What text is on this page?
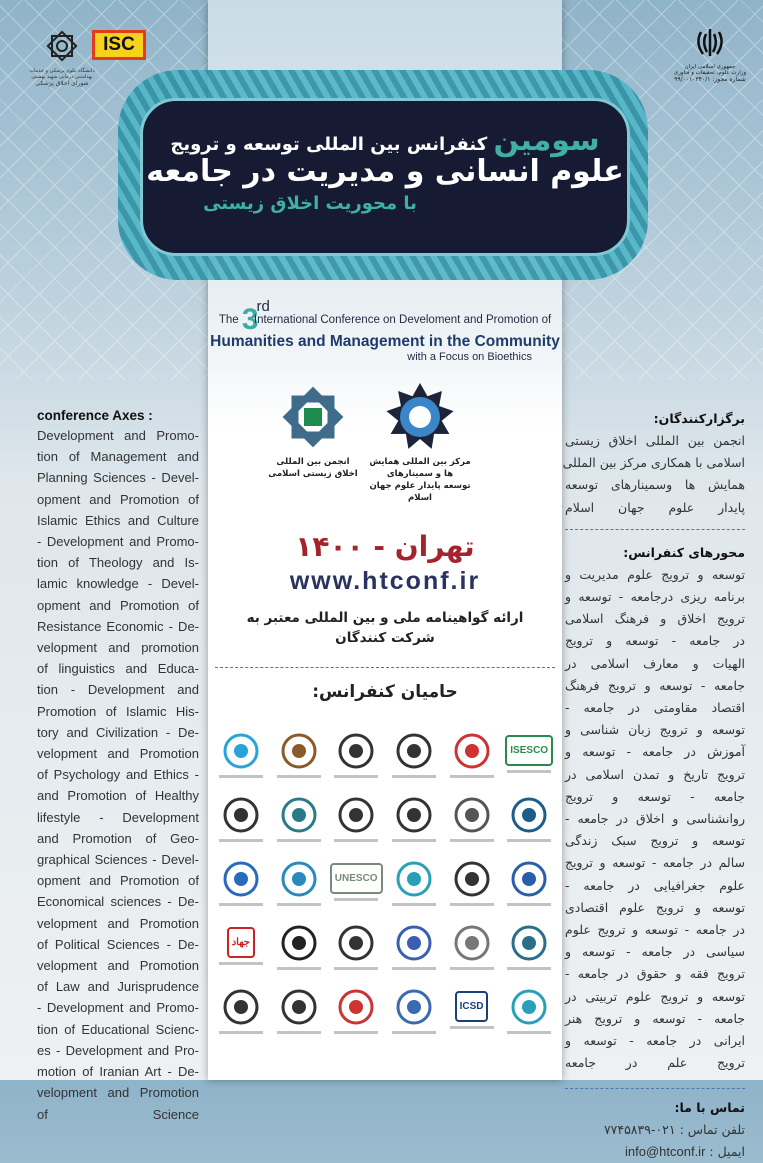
دانشگاه علوم پزشکی و خدمات بهداشتی درمانی شهید بهشتی
شورای اخلاق پزشکی
ISC
جمهوری اسلامی ایران
وزارت علوم، تحقیقات و فناوری
شماره مجوز: ۹۹/۰۰۱۰۳۴۰/۱
سومین کنفرانس بین المللی توسعه و ترویج
علوم انسانی و مدیریت در جامعه
با محوریت اخلاق زیستی
The 3rdInternational Conference on Develoment and Promotion of
Humanities and Management in the Community
with a Focus on Bioethics
مرکز بین المللی همایش ها و سمینارهای
توسعه پایدار علوم جهان اسلام
انجمن بین المللی
اخلاق زیستی اسلامی
تهران - ۱۴۰۰
www.htconf.ir
ارائه گواهینامه ملی و بین المللی معتبر به
شرکت کنندگان
حامیان کنفرانس:
ISESCO
UNESCO
جهاد
ICSD
conference Axes :
Development and Promo-
tion of Management and
Planning Sciences - Devel-
opment and Promotion of
Islamic Ethics and Culture
- Development and Promo-
tion of Theology and Is-
lamic knowledge - Devel-
opment and Promotion of
Resistance Economic - De-
velopment and promotion
of linguistics and Educa-
tion - Development and
Promotion of Islamic His-
tory and Civilization - De-
velopment and Promotion
of Psychology and Ethics -
and Promotion of Healthy
lifestyle - Development
and Promotion of Geo-
graphical Sciences - Devel-
opment and Promotion of
Economical sciences - De-
velopment and Promotion
of Political Sciences - De-
velopment and Promotion
of Law and Jurisprudence
- Development and Promo-
tion of Educational Scienc-
es - Development and Pro-
motion of Iranian Art - De-
velopment and Promotion
of Science
برگزارکنندگان:
انجمن بین المللی اخلاق زیستی
اسلامی با همکاری مرکز بین المللی
همایش ها وسمینارهای توسعه
پایدار علوم جهان اسلام
محورهای کنفرانس:
توسعه و ترویج علوم مدیریت و
برنامه ریزی درجامعه - توسعه و
ترویج اخلاق و فرهنگ اسلامی
در جامعه - توسعه و ترویج
الهیات و معارف اسلامی در
جامعه - توسعه و ترویج فرهنگ
اقتصاد مقاومتی در جامعه -
توسعه و ترویج زبان شناسی و
آموزش در جامعه - توسعه و
ترویج تاریخ و تمدن اسلامی در
جامعه - توسعه و ترویج
روانشناسی و اخلاق در جامعه -
توسعه و ترویج سبک زندگی
سالم در جامعه - توسعه و ترویج
علوم جغرافیایی در جامعه -
توسعه و ترویج علوم اقتصادی
در جامعه - توسعه و ترویج علوم
سیاسی در جامعه - توسعه و
ترویج فقه و حقوق در جامعه -
توسعه و ترویج علوم تربیتی در
جامعه - توسعه و ترویج هنر
ایرانی در جامعه - توسعه و
ترویج علم در جامعه
تماس با ما:
تلفن تماس : ۰۲۱-۷۷۴۵۸۳۹
ایمیل : info@htconf.ir
